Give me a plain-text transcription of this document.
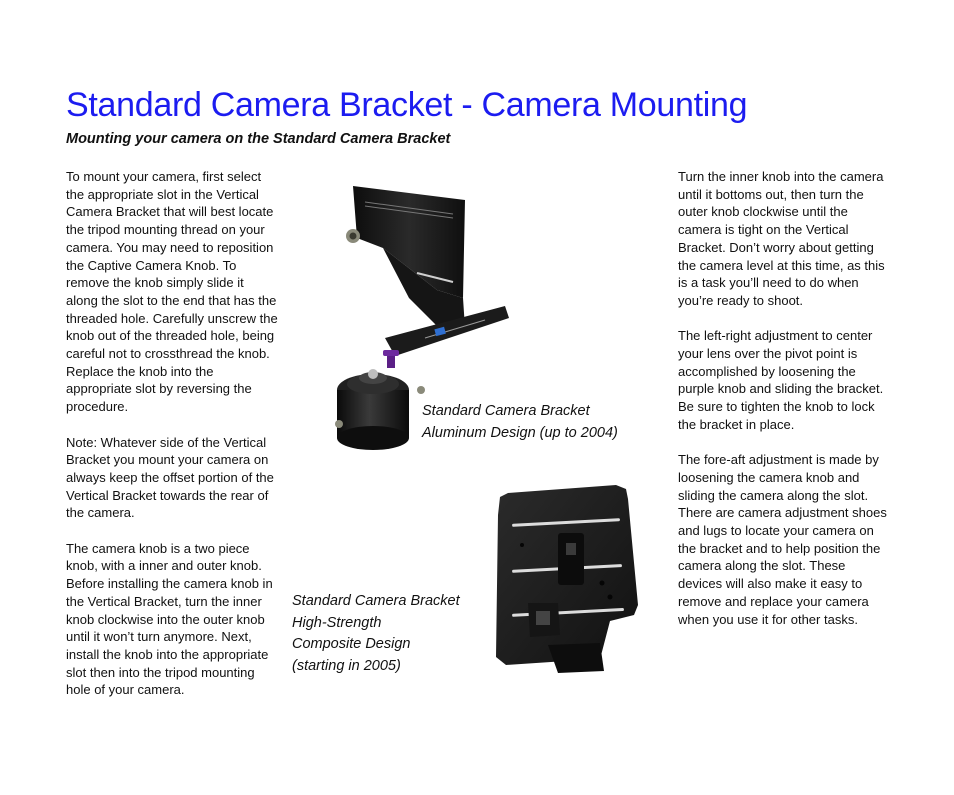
Standard Camera Bracket - Camera Mounting
Mounting your camera on the Standard Camera Bracket

To mount your camera, first select the appropriate slot in the Vertical Camera Bracket that will best locate the tripod mounting thread on your camera. You may need to reposition the Captive Camera Knob. To remove the knob simply slide it along the slot to the end that has the threaded hole. Carefully unscrew the knob out of the threaded hole, being careful not to crossthread the knob. Replace the knob into the appropriate slot by reversing the procedure.

Note: Whatever side of the Vertical Bracket you mount your camera on always keep the offset portion of the Vertical Bracket towards the rear of the camera.

The camera knob is a two piece knob, with a inner and outer knob. Before installing the camera knob in the Vertical Bracket, turn the inner knob clockwise into the outer knob until it won’t turn anymore. Next, install the knob into the appropriate slot then into the tripod mounting hole of your camera.

Turn the inner knob into the camera until it bottoms out, then turn the outer knob clockwise until the camera is tight on the Vertical Bracket. Don’t worry about getting the camera level at this time, as this is a task you’ll need to do when you’re ready to shoot.

The left-right adjustment to center your lens over the pivot point is accomplished by loosening the purple knob and sliding the bracket. Be sure to tighten the knob to lock the bracket in place.

The fore-aft adjustment is made by loosening the camera knob and sliding the camera along the slot. There are camera adjustment shoes and lugs to locate your camera on the bracket and to help position the camera along the slot. These devices will also make it easy to remove and replace your camera when you use it for other tasks.

Standard Camera Bracket
Aluminum Design (up to 2004)
Standard Camera Bracket
High-Strength
Composite Design
(starting in 2005)
